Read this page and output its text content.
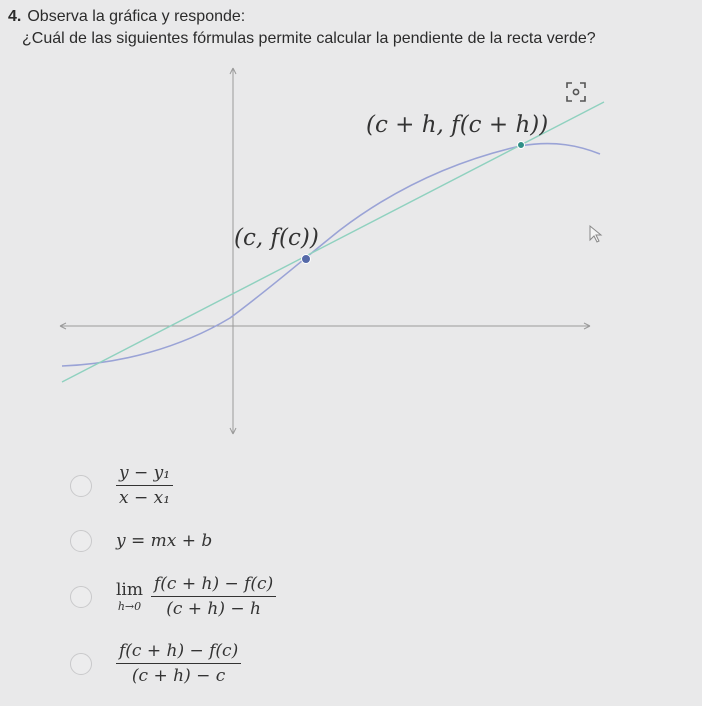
4. Observa la gráfica y responde:
¿Cuál de las siguientes fórmulas permite calcular la pendiente de la recta verde?
(c, f(c))
(c + h, f(c + h))
$\frac{\text{y − y₁}}{\text{x − x₁}}$
y = mx + b
lim
$h\to 0 \frac{f(c + h) - f(c)}{(c + h) - h}$
$\frac{f(c + h) - f(c)}{(c + h) - c}$
